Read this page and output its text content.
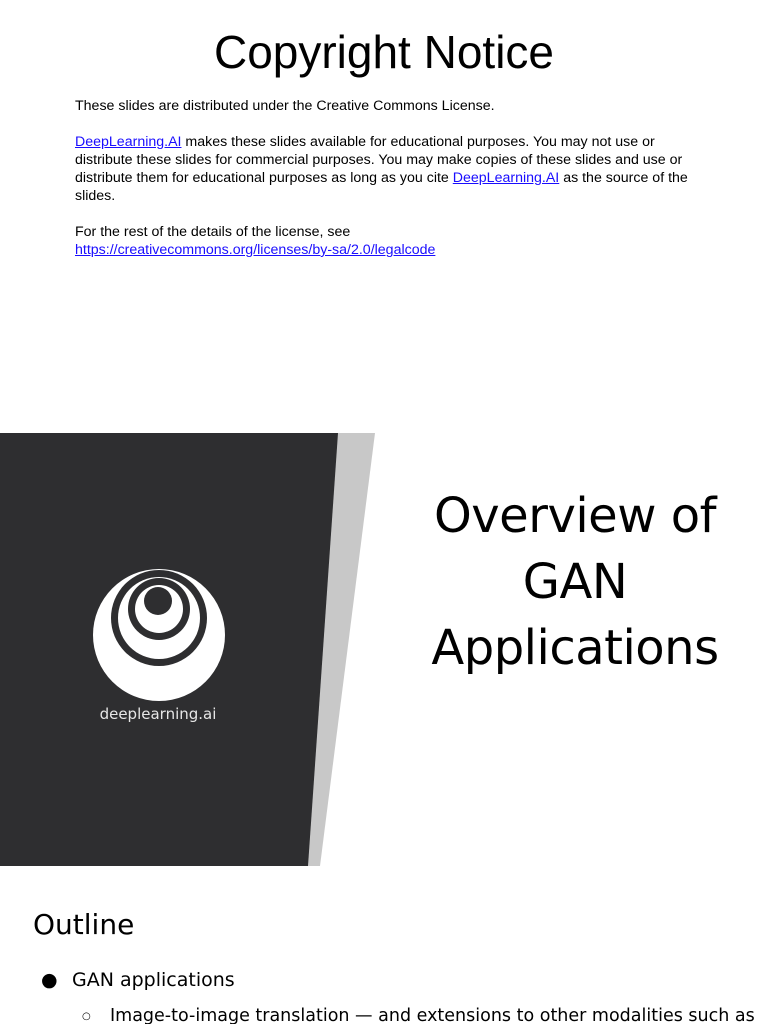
Copyright Notice

These slides are distributed under the Creative Commons License.

DeepLearning.AI makes these slides available for educational purposes. You may not use or distribute these slides for commercial purposes. You may make copies of these slides and use or distribute them for educational purposes as long as you cite DeepLearning.AI as the source of the slides.

For the rest of the details of the license, see
https://creativecommons.org/licenses/by-sa/2.0/legalcode

deeplearning.ai
Overview of
GAN
Applications
Outline
● GAN applications
○ Image-to-image translation — and extensions to other modalities such as
